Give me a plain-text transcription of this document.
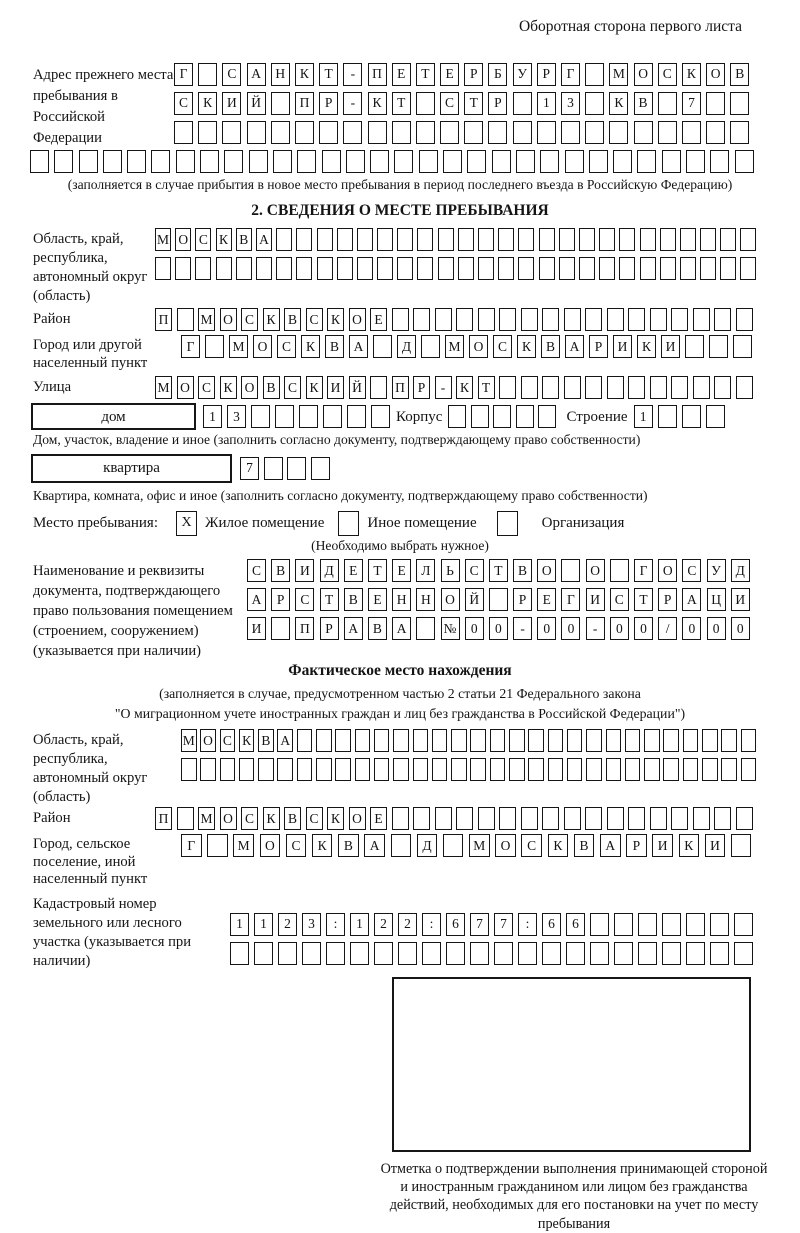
Оборотная сторона первого листа
Адрес прежнего места пребывания в Российской Федерации
Г	С	А	Н	К	Т	-	П	Е	Т	Е	Р	Б	У	Р	Г	М О	С	К	О	В
С	К	И	Й	П	Р	-	К	Т	С	Т	Р	1	3	К	В	7
(заполняется в случае прибытия в новое место пребывания в период последнего въезда в Российскую Федерацию)
2. СВЕДЕНИЯ О МЕСТЕ ПРЕБЫВАНИЯ
Область, край, республика, автономный округ (область)
М О С К В А
Район	П М О С К В С К О Е
Город или другой населенный пункт
Г	М О	С	К	В	А	Д	М О	С	К	В	А	Р	И	К	И
Улица	М О С К О В С К И Й П Р	-	К Т
дом	1	3	Корпус	Строение 1
Дом, участок, владение и иное (заполнить согласно документу, подтверждающему право собственности)
квартира	7
Квартира, комната, офис и иное (заполнить согласно документу, подтверждающему право собственности)
Место пребывания:	X Жилое помещение	Иное помещение	Организация
(Необходимо выбрать нужное)
Наименование и реквизиты документа, подтверждающего право пользования помещением (строением, сооружением) (указывается при наличии)
С	В	И	Д	Е	Т	Е	Л	Ь	С	Т	В	О	О	Г	О	С	У	Д
А	Р	С	Т	В	Е	Н	Н	О	Й	Р	Е	Г	И	С	Т	Р	А	Ц	И
И	П	Р	А	В	А	№	0	0	-	0	0	-	0	0	/	0	0	0
Фактическое место нахождения
(заполняется в случае, предусмотренном частью 2 статьи 21 Федерального закона
"О миграционном учете иностранных граждан и лиц без гражданства в Российской Федерации")
Область, край, республика, автономный округ (область)
М О С К В А
Район	П М О С К В С К О Е
Город, сельское поселение, иной населенный пункт
Г	М	О	С	К	В	А	Д	М	О	С	К	В	А	Р	И	К	И
Кадастровый номер земельного или лесного участка (указывается при наличии)
1	1	2	3	:	1	2	2	:	6	7	7	:	6	6
Отметка о подтверждении выполнения принимающей стороной и иностранным гражданином или лицом без гражданства действий, необходимых для его постановки на учет по месту пребывания
